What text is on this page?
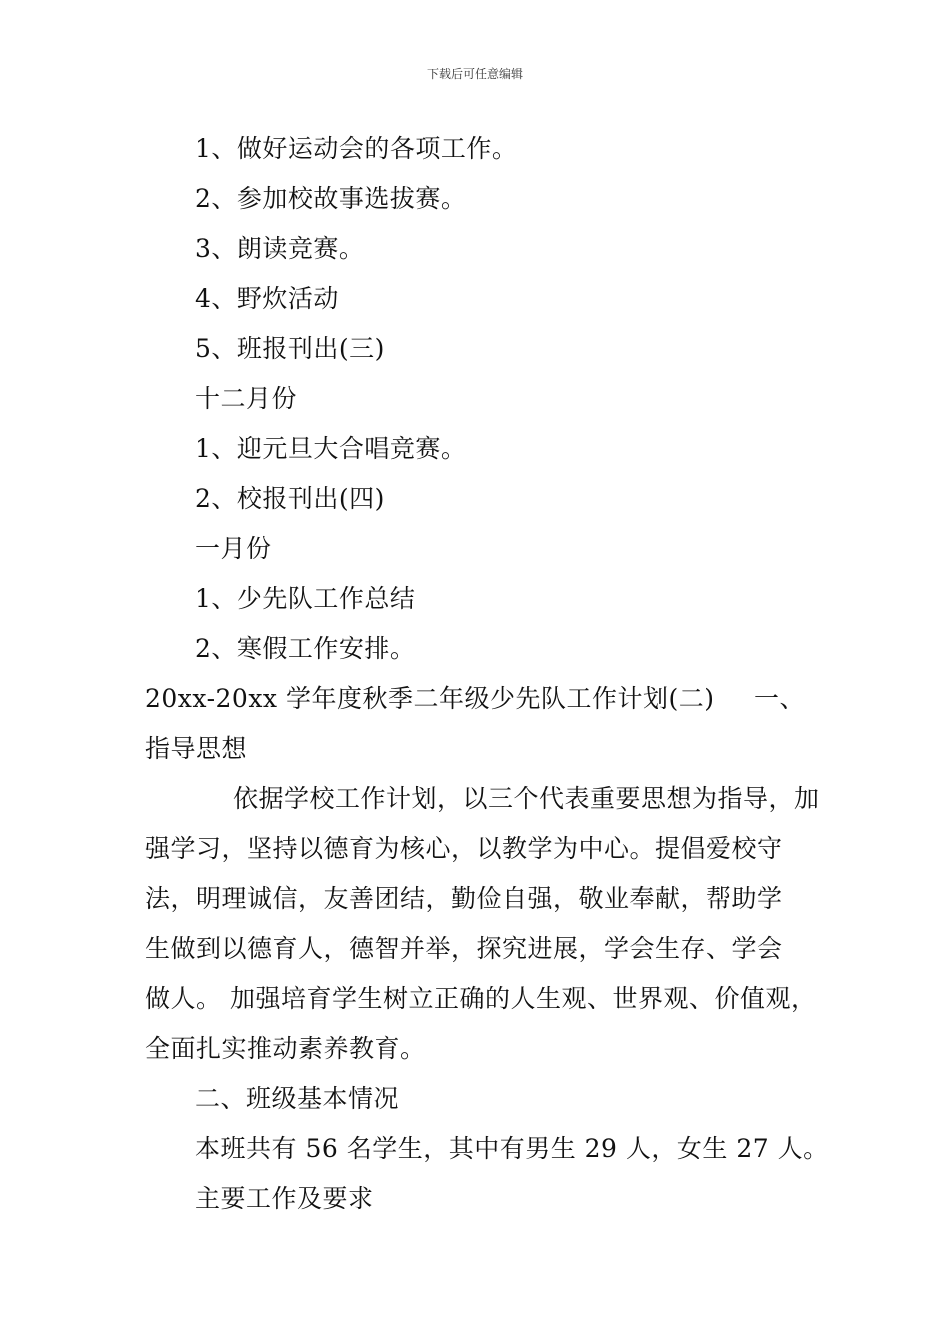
下载后可任意编辑
1、做好运动会的各项工作。
2、参加校故事选拔赛。
3、朗读竞赛。
4、野炊活动
5、班报刊出(三)
十二月份
1、迎元旦大合唱竞赛。
2、校报刊出(四)
一月份
1、少先队工作总结
2、寒假工作安排。
20xx-20xx 学年度秋季二年级少先队工作计划(二) 一、
指导思想
依据学校工作计划，以三个代表重要思想为指导，加
强学习，坚持以德育为核心，以教学为中心。提倡爱校守
法，明理诚信，友善团结，勤俭自强，敬业奉献，帮助学
生做到以德育人，德智并举，探究进展，学会生存、学会
做人。 加强培育学生树立正确的人生观、世界观、价值观，
全面扎实推动素养教育。
二、班级基本情况
本班共有 56 名学生，其中有男生 29 人，女生 27 人。
主要工作及要求
